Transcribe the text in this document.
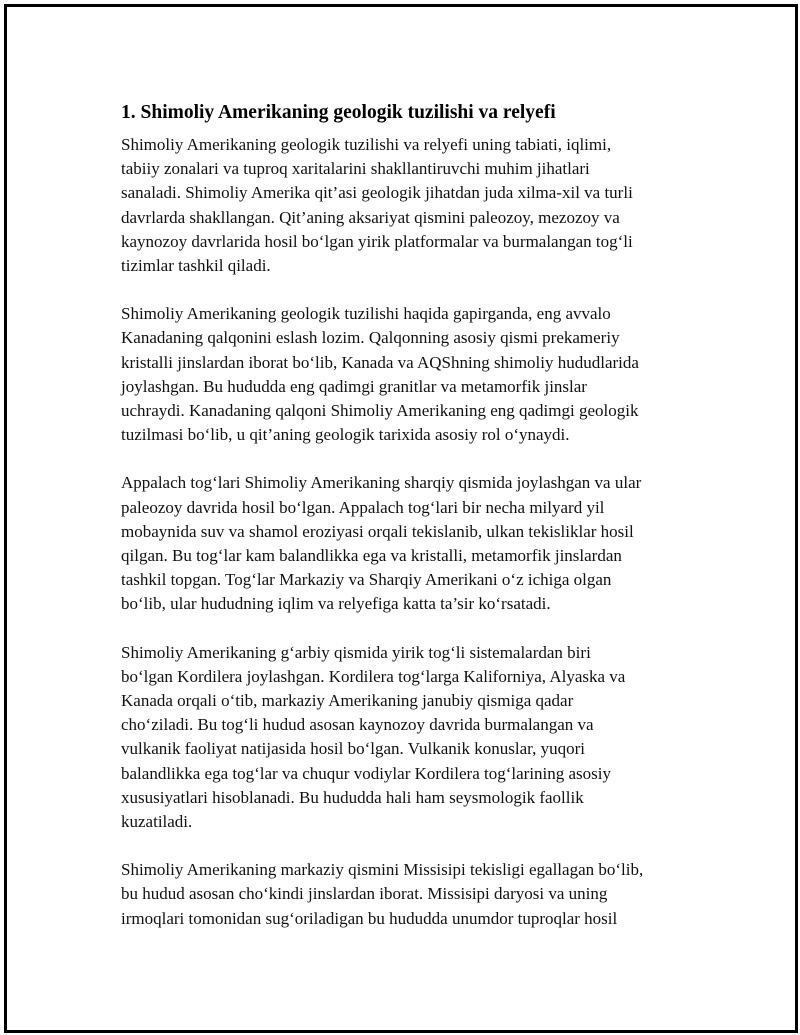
1. Shimoliy Amerikaning geologik tuzilishi va relyefi

Shimoliy Amerikaning geologik tuzilishi va relyefi uning tabiati, iqlimi,
tabiiy zonalari va tuproq xaritalarini shakllantiruvchi muhim jihatlari
sanaladi. Shimoliy Amerika qit’asi geologik jihatdan juda xilma-xil va turli
davrlarda shakllangan. Qit’aning aksariyat qismini paleozoy, mezozoy va
kaynozoy davrlarida hosil bo‘lgan yirik platformalar va burmalangan tog‘li
tizimlar tashkil qiladi.

Shimoliy Amerikaning geologik tuzilishi haqida gapirganda, eng avvalo
Kanadaning qalqonini eslash lozim. Qalqonning asosiy qismi prekameriy
kristalli jinslardan iborat bo‘lib, Kanada va AQShning shimoliy hududlarida
joylashgan. Bu hududda eng qadimgi granitlar va metamorfik jinslar
uchraydi. Kanadaning qalqoni Shimoliy Amerikaning eng qadimgi geologik
tuzilmasi bo‘lib, u qit’aning geologik tarixida asosiy rol o‘ynaydi.

Appalach tog‘lari Shimoliy Amerikaning sharqiy qismida joylashgan va ular
paleozoy davrida hosil bo‘lgan. Appalach tog‘lari bir necha milyard yil
mobaynida suv va shamol eroziyasi orqali tekislanib, ulkan tekisliklar hosil
qilgan. Bu tog‘lar kam balandlikka ega va kristalli, metamorfik jinslardan
tashkil topgan. Tog‘lar Markaziy va Sharqiy Amerikani o‘z ichiga olgan
bo‘lib, ular hududning iqlim va relyefiga katta ta’sir ko‘rsatadi.

Shimoliy Amerikaning g‘arbiy qismida yirik tog‘li sistemalardan biri
bo‘lgan Kordilera joylashgan. Kordilera tog‘larga Kaliforniya, Alyaska va
Kanada orqali o‘tib, markaziy Amerikaning janubiy qismiga qadar
cho‘ziladi. Bu tog‘li hudud asosan kaynozoy davrida burmalangan va
vulkanik faoliyat natijasida hosil bo‘lgan. Vulkanik konuslar, yuqori
balandlikka ega tog‘lar va chuqur vodiylar Kordilera tog‘larining asosiy
xususiyatlari hisoblanadi. Bu hududda hali ham seysmologik faollik
kuzatiladi.

Shimoliy Amerikaning markaziy qismini Missisipi tekisligi egallagan bo‘lib,
bu hudud asosan cho‘kindi jinslardan iborat. Missisipi daryosi va uning
irmoqlari tomonidan sug‘oriladigan bu hududda unumdor tuproqlar hosil
